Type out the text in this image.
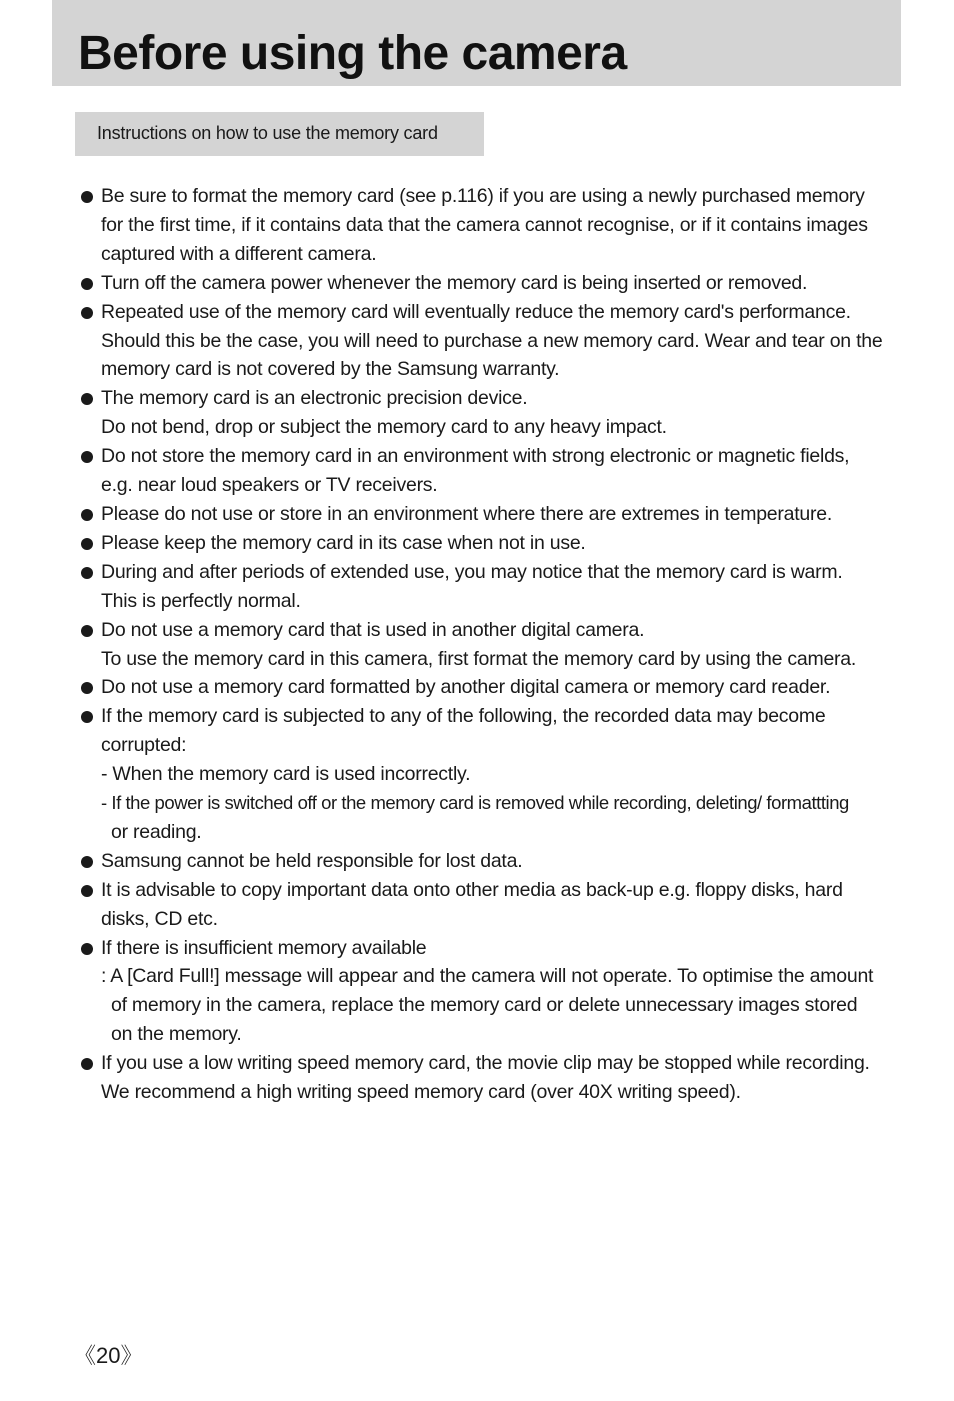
Before using the camera
Instructions on how to use the memory card
Be sure to format the memory card (see p.116) if you are using a newly purchased memory
for the first time, if it contains data that the camera cannot recognise, or if it contains images
captured with a different camera.
Turn off the camera power whenever the memory card is being inserted or removed.
Repeated use of the memory card will eventually reduce the memory card's performance.
Should this be the case, you will need to purchase a new memory card. Wear and tear on the
memory card is not covered by the Samsung warranty.
The memory card is an electronic precision device.
Do not bend, drop or subject the memory card to any heavy impact.
Do not store the memory card in an environment with strong electronic or magnetic fields,
e.g. near loud speakers or TV receivers.
Please do not use or store in an environment where there are extremes in temperature.
Please keep the memory card in its case when not in use.
During and after periods of extended use, you may notice that the memory card is warm.
This is perfectly normal.
Do not use a memory card that is used in another digital camera.
To use the memory card in this camera, first format the memory card by using the camera.
Do not use a memory card formatted by another digital camera or memory card reader.
If the memory card is subjected to any of the following, the recorded data may become
corrupted:
- When the memory card is used incorrectly.
- If the power is switched off or the memory card is removed while recording, deleting/ formattting
or reading.
Samsung cannot be held responsible for lost data.
It is advisable to copy important data onto other media as back-up e.g. floppy disks, hard
disks, CD etc.
If there is insufficient memory available
: A [Card Full!] message will appear and the camera will not operate. To optimise the amount
of memory in the camera, replace the memory card or delete unnecessary images stored
on the memory.
If you use a low writing speed memory card, the movie clip may be stopped while recording.
We recommend a high writing speed memory card (over 40X writing speed).
《20》
